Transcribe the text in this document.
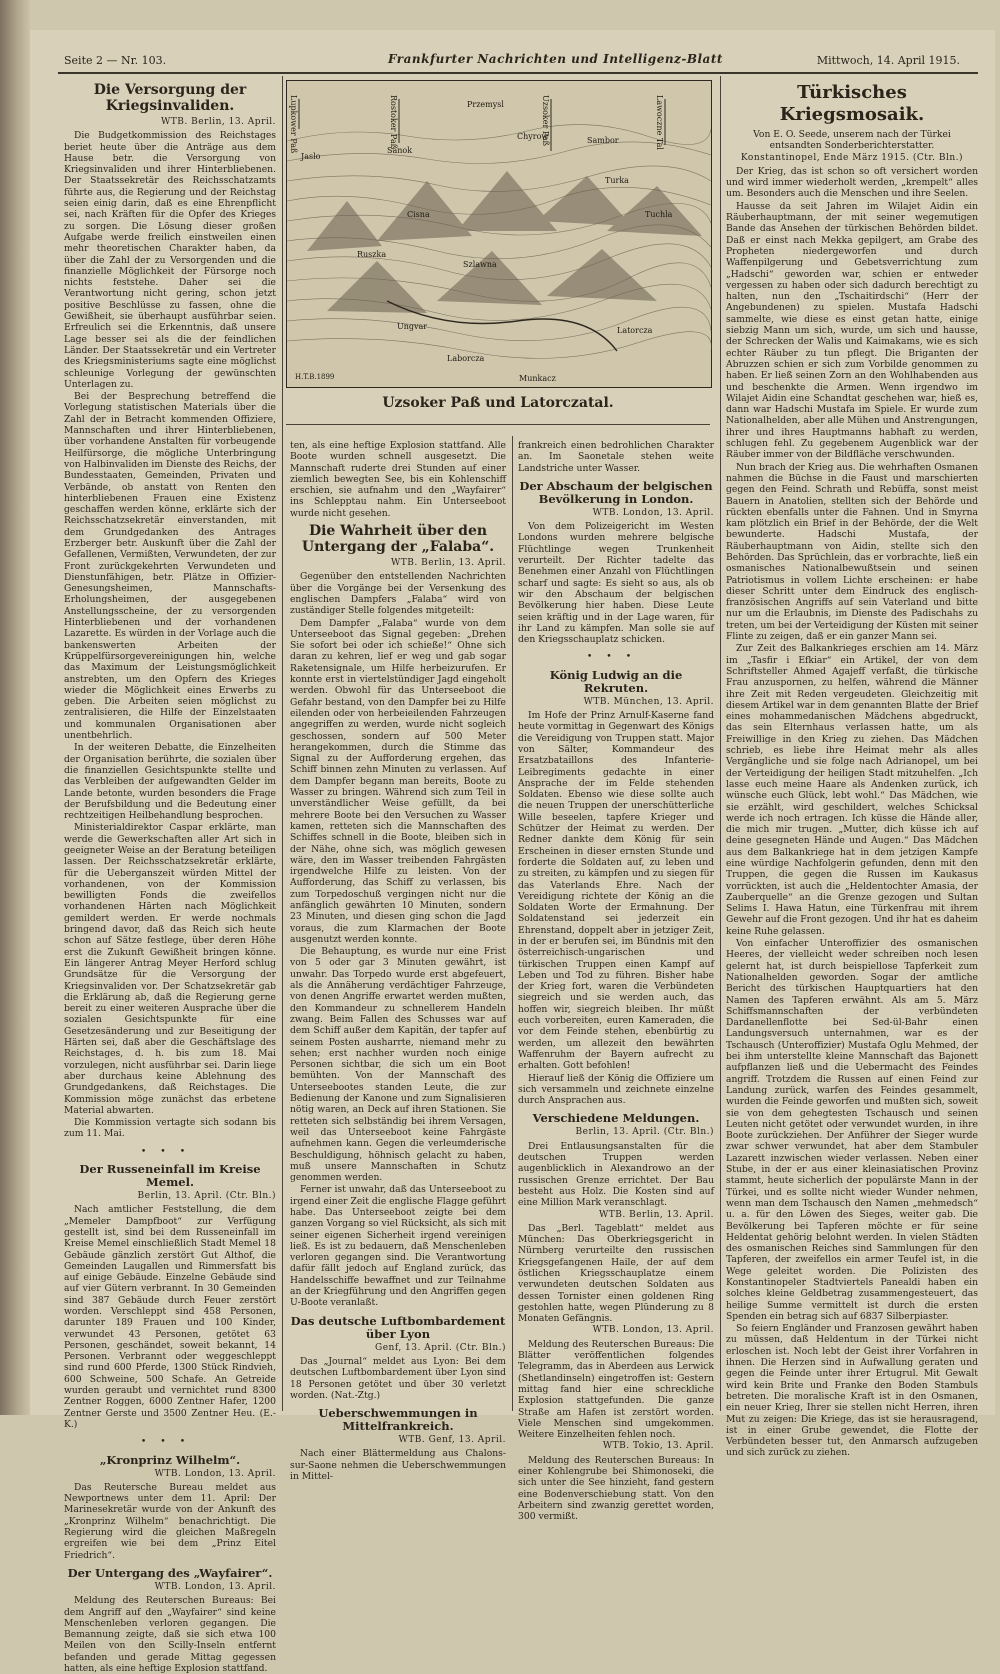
Seite 2 — Nr. 103.	Frankfurter Nachrichten und Intelligenz-Blatt	Mittwoch, 14. April 1915.
Die Versorgung der Kriegsinvaliden.
WTB. Berlin, 13. April.

Die Budgetkommission des Reichstages beriet heute über die Anträge aus dem Hause betr. die Versorgung von Kriegsinvaliden und ihrer Hinterbliebenen. Der Staatssekretär des Reichsschatzamts führte aus, die Regierung und der Reichstag seien einig darin, daß es eine Ehrenpflicht sei, nach Kräften für die Opfer des Krieges zu sorgen. Die Lösung dieser großen Aufgabe werde freilich einstweilen einen mehr theoretischen Charakter haben, da über die Zahl der zu Versorgenden und die finanzielle Möglichkeit der Fürsorge noch nichts feststehe. Daher sei die Verantwortung nicht gering, schon jetzt positive Beschlüsse zu fassen, ohne die Gewißheit, sie überhaupt ausführbar seien. Erfreulich sei die Erkenntnis, daß unsere Lage besser sei als die der feindlichen Länder. Der Staatssekretär und ein Vertreter des Kriegsministeriums sagte eine möglichst schleunige Vorlegung der gewünschten Unterlagen zu.

Bei der Besprechung betreffend die Vorlegung statistischen Materials über die Zahl der in Betracht kommenden Offiziere, Mannschaften und ihrer Hinterbliebenen, über vorhandene Anstalten für vorbeugende Heilfürsorge, die mögliche Unterbringung von Halbinvaliden im Dienste des Reichs, der Bundesstaaten, Gemeinden, Privaten und Verbände, ob anstatt von Renten den hinterbliebenen Frauen eine Existenz geschaffen werden könne, erklärte sich der Reichsschatzsekretär einverstanden, mit dem Grundgedanken des Antrages Erzberger betr. Auskunft über die Zahl der Gefallenen, Vermißten, Verwundeten, der zur Front zurückgekehrten Verwundeten und Dienstunfähigen, betr. Plätze in Offizier-Genesungsheimen, Mannschafts-Erholungsheimen, der ausgegebenen Anstellungsscheine, der zu versorgenden Hinterbliebenen und der vorhandenen Lazarette. Es würden in der Vorlage auch die bankenswerten Arbeiten der Krüppelfürsorgevereinigungen hin, welche das Maximum der Leistungsmöglichkeit anstrebten, um den Opfern des Krieges wieder die Möglichkeit eines Erwerbs zu geben. Die Arbeiten seien möglichst zu zentralisieren, die Hilfe der Einzelstaaten und kommunalen Organisationen aber unentbehrlich.

In der weiteren Debatte, die Einzelheiten der Organisation berührte, die sozialen über die finanziellen Gesichtspunkte stellte und das Verbleiben der aufgewandten Gelder im Lande betonte, wurden besonders die Frage der Berufsbildung und die Bedeutung einer rechtzeitigen Heilbehandlung besprochen.

Ministerialdirektor Caspar erklärte, man werde die Gewerkschaften aller Art sich in geeigneter Weise an der Beratung beteiligen lassen. Der Reichsschatzsekretär erklärte, für die Ueberganszeit würden Mittel der vorhandenen, von der Kommission bewilligten Fonds die zweifellos vorhandenen Härten nach Möglichkeit gemildert werden. Er werde nochmals bringend davor, daß das Reich sich heute schon auf Sätze festlege, über deren Höhe erst die Zukunft Gewißheit bringen könne. Ein längerer Antrag Meyer Herford schlug Grundsätze für die Versorgung der Kriegsinvaliden vor. Der Schatzsekretär gab die Erklärung ab, daß die Regierung gerne bereit zu einer weiteren Ausprache über die sozialen Gesichtspunkte für eine Gesetzesänderung und zur Beseitigung der Härten sei, daß aber die Geschäftslage des Reichstages, d. h. bis zum 18. Mai vorzulegen, nicht ausführbar sei. Darin liege aber durchaus keine Ablehnung des Grundgedankens, daß Reichstages. Die Kommission möge zunächst das erbetene Material abwarten.

Die Kommission vertagte sich sodann bis zum 11. Mai.

•••
Der Russeneinfall im Kreise Memel.
Berlin, 13. April. (Ctr. Bln.)

Nach amtlicher Feststellung, die dem „Memeler Dampfboot“ zur Verfügung gestellt ist, sind bei dem Russeneinfall im Kreise Memel einschließlich Stadt Memel 18 Gebäude gänzlich zerstört Gut Althof, die Gemeinden Laugallen und Rimmersfatt bis auf einige Gebäude. Einzelne Gebäude sind auf vier Gütern verbrannt. In 30 Gemeinden sind 387 Gebäude durch Feuer zerstört worden. Verschleppt sind 458 Personen, darunter 189 Frauen und 100 Kinder, verwundet 43 Personen, getötet 63 Personen, geschändet, soweit bekannt, 14 Personen. Verbrannt oder weggeschleppt sind rund 600 Pferde, 1300 Stück Rindvieh, 600 Schweine, 500 Schafe. An Getreide wurden geraubt und vernichtet rund 8300 Zentner Roggen, 6000 Zentner Hafer, 1200 Zentner Gerste und 3500 Zentner Heu. (E.-K.)

•••
„Kronprinz Wilhelm“.
WTB. London, 13. April.

Das Reutersche Bureau meldet aus Newportnews unter dem 11. April: Der Marinesekretär wurde von der Ankunft des „Kronprinz Wilhelm“ benachrichtigt. Die Regierung wird die gleichen Maßregeln ergreifen wie bei dem „Prinz Eitel Friedrich“.

Der Untergang des „Wayfairer“.
WTB. London, 13. April.

Meldung des Reuterschen Bureaus: Bei dem Angriff auf den „Wayfairer“ sind keine Menschenleben verloren gegangen. Die Bemannung zeigte, daß sie sich etwa 100 Meilen von den Scilly-Inseln entfernt befanden und gerade Mittag gegessen hatten, als eine heftige Explosion stattfand.

Lupkower Paß	Rostoker Paß	Przemysl	Uzsoker Paß	Lawoczne Tal
Sanok
Jaslo
Chyrow	Sambor
Turka
Tuchla
Cisna
Ruszka
Szlawna
Ungvar
Munkacz
Laborcza
Latorcza
H.T.B.1899
Uzsoker Paß und Latorczatal.

ten, als eine heftige Explosion stattfand. Alle Boote wurden schnell ausgesetzt. Die Mannschaft ruderte drei Stunden auf einer ziemlich bewegten See, bis ein Kohlenschiff erschien, sie aufnahm und den „Wayfairer“ ins Schlepptau nahm. Ein Unterseeboot wurde nicht gesehen.

Die Wahrheit über den Untergang der „Falaba“.
WTB. Berlin, 13. April.

Gegenüber den entstellenden Nachrichten über die Vorgänge bei der Versenkung des englischen Dampfers „Falaba“ wird von zuständiger Stelle folgendes mitgeteilt:

Dem Dampfer „Falaba“ wurde von dem Unterseeboot das Signal gegeben: „Drehen Sie sofort bei oder ich schieße!“ Ohne sich daran zu kehren, lief er weg und gab sogar Raketensignale, um Hilfe herbeizurufen. Er konnte erst in viertelstündiger Jagd eingeholt werden. Obwohl für das Unterseeboot die Gefahr bestand, von den Dampfer bei zu Hilfe eilenden oder von herbeieilenden Fahrzeugen angegriffen zu werden, wurde nicht sogleich geschossen, sondern auf 500 Meter herangekommen, durch die Stimme das Signal zu der Aufforderung ergehen, das Schiff binnen zehn Minuten zu verlassen. Auf dem Dampfer begann man bereits, Boote zu Wasser zu bringen. Während sich zum Teil in unverständlicher Weise gefüllt, da bei mehrere Boote bei den Versuchen zu Wasser kamen, retteten sich die Mannschaften des Schiffes schnell in die Boote, bleiben sich in der Nähe, ohne sich, was möglich gewesen wäre, den im Wasser treibenden Fahrgästen irgendwelche Hilfe zu leisten. Von der Aufforderung, das Schiff zu verlassen, bis zum Torpedoschuß vergingen nicht nur die anfänglich gewährten 10 Minuten, sondern 23 Minuten, und diesen ging schon die Jagd voraus, die zum Klarmachen der Boote ausgenutzt werden konnte.

Die Behauptung, es wurde nur eine Frist von 5 oder gar 3 Minuten gewährt, ist unwahr. Das Torpedo wurde erst abgefeuert, als die Annäherung verdächtiger Fahrzeuge, von denen Angriffe erwartet werden mußten, den Kommandeur zu schnellerem Handeln zwang. Beim Fallen des Schusses war auf dem Schiff außer dem Kapitän, der tapfer auf seinem Posten ausharrte, niemand mehr zu sehen; erst nachher wurden noch einige Personen sichtbar, die sich um ein Boot bemühten. Von der Mannschaft des Unterseebootes standen Leute, die zur Bedienung der Kanone und zum Signalisieren nötig waren, an Deck auf ihren Stationen. Sie retteten sich selbständig bei ihrem Versagen, weil das Unterseeboot keine Fahrgäste aufnehmen kann. Gegen die verleumderische Beschuldigung, höhnisch gelacht zu haben, muß unsere Mannschaften in Schutz genommen werden.

Ferner ist unwahr, daß das Unterseeboot zu irgend einer Zeit die englische Flagge geführt habe. Das Unterseeboot zeigte bei dem ganzen Vorgang so viel Rücksicht, als sich mit seiner eigenen Sicherheit irgend vereinigen ließ. Es ist zu bedauern, daß Menschenleben verloren gegangen sind. Die Verantwortung dafür fällt jedoch auf England zurück, das Handelsschiffe bewaffnet und zur Teilnahme an der Kriegführung und den Angriffen gegen U-Boote veranlaßt.

Das deutsche Luftbombardement über Lyon
Genf, 13. April. (Ctr. Bln.)

Das „Journal“ meldet aus Lyon: Bei dem deutschen Luftbombardement über Lyon sind 18 Personen getötet und über 30 verletzt worden. (Nat.-Ztg.)

Ueberschwemmungen in Mittelfrankreich.
WTB. Genf, 13. April.

Nach einer Blättermeldung aus Chalons-sur-Saone nehmen die Ueberschwemmungen in Mittel-

frankreich einen bedrohlichen Charakter an. Im Saonetale stehen weite Landstriche unter Wasser.

Der Abschaum der belgischen Bevölkerung in London.
WTB. London, 13. April.

Von dem Polizeigericht im Westen Londons wurden mehrere belgische Flüchtlinge wegen Trunkenheit verurteilt. Der Richter tadelte das Benehmen einer Anzahl von Flüchtlingen scharf und sagte: Es sieht so aus, als ob wir den Abschaum der belgischen Bevölkerung hier haben. Diese Leute seien kräftig und in der Lage waren, für ihr Land zu kämpfen. Man solle sie auf den Kriegsschauplatz schicken.

•••
König Ludwig an die Rekruten.
WTB. München, 13. April.

Im Hofe der Prinz Arnulf-Kaserne fand heute vormittag in Gegenwart des Königs die Vereidigung von Truppen statt. Major von Sälter, Kommandeur des Ersatzbataillons des Infanterie-Leibregiments gedachte in einer Ansprache der im Felde stehenden Soldaten. Ebenso wie diese sollte auch die neuen Truppen der unerschütterliche Wille beseelen, tapfere Krieger und Schützer der Heimat zu werden. Der Redner dankte dem König für sein Erscheinen in dieser ernsten Stunde und forderte die Soldaten auf, zu leben und zu streiten, zu kämpfen und zu siegen für das Vaterlands Ehre. Nach der Vereidigung richtete der König an die Soldaten Worte der Ermahnung. Der Soldatenstand sei jederzeit ein Ehrenstand, doppelt aber in jetziger Zeit, in der er berufen sei, im Bündnis mit den österreichisch-ungarischen und türkischen Truppen einen Kampf auf Leben und Tod zu führen. Bisher habe der Krieg fort, waren die Verbündeten siegreich und sie werden auch, das hoffen wir, siegreich bleiben. Ihr müßt euch vorbereiten, euren Kameraden, die vor dem Feinde stehen, ebenbürtig zu werden, um allezeit den bewährten Waffenruhm der Bayern aufrecht zu erhalten. Gott befohlen!

Hierauf ließ der König die Offiziere um sich versammeln und zeichnete einzelne durch Ansprachen aus.

Verschiedene Meldungen.
Berlin, 13. April. (Ctr. Bln.)

Drei Entlausungsanstalten für die deutschen Truppen werden augenblicklich in Alexandrowo an der russischen Grenze errichtet. Der Bau besteht aus Holz. Die Kosten sind auf eine Million Mark veranschlagt.

WTB. Berlin, 13. April.

Das „Berl. Tageblatt“ meldet aus München: Das Oberkriegsgericht in Nürnberg verurteilte den russischen Kriegsgefangenen Haile, der auf dem östlichen Kriegsschauplatze einem verwundeten deutschen Soldaten aus dessen Tornister einen goldenen Ring gestohlen hatte, wegen Plünderung zu 8 Monaten Gefängnis.

WTB. London, 13. April.

Meldung des Reuterschen Bureaus: Die Blätter veröffentlichen folgendes Telegramm, das in Aberdeen aus Lerwick (Shetlandinseln) eingetroffen ist: Gestern mittag fand hier eine schreckliche Explosion stattgefunden. Die ganze Straße am Hafen ist zerstört worden. Viele Menschen sind umgekommen. Weitere Einzelheiten fehlen noch.

WTB. Tokio, 13. April.

Meldung des Reuterschen Bureaus: In einer Kohlengrube bei Shimonoseki, die sich unter die See hinzieht, fand gestern eine Bodenverschiebung statt. Von den Arbeitern sind zwanzig gerettet worden, 300 vermißt.

Türkisches Kriegsmosaik.

Von E. O. Seede, unserem nach der Türkei entsandten Sonderberichterstatter.

Konstantinopel, Ende März 1915. (Ctr. Bln.)

Der Krieg, das ist schon so oft versichert worden und wird immer wiederholt werden, „krempelt“ alles um. Besonders auch die Menschen und ihre Seelen.

Hausse da seit Jahren im Wilajet Aidin ein Räuberhauptmann, der mit seiner wegemutigen Bande das Ansehen der türkischen Behörden bildet. Daß er einst nach Mekka gepilgert, am Grabe des Propheten niedergeworfen und durch Waffenpilgerung und Gebetsverrichtung zum „Hadschi“ geworden war, schien er entweder vergessen zu haben oder sich dadurch berechtigt zu halten, nun den „Tschaitirdschi“ (Herr der Angebundenen) zu spielen. Mustafa Hadschi sammelte, wie diese es einst getan hatte, einige siebzig Mann um sich, wurde, um sich und hausse, der Schrecken der Walis und Kaimakams, wie es sich echter Räuber zu tun pflegt. Die Briganten der Abruzzen schien er sich zum Vorbilde genommen zu haben. Er ließ seinen Zorn an den Wohlhabenden aus und beschenkte die Armen. Wenn irgendwo im Wilajet Aidin eine Schandtat geschehen war, hieß es, dann war Hadschi Mustafa im Spiele. Er wurde zum Nationalhelden, aber alle Mühen und Anstrengungen, ihrer und ihres Hauptmanns habhaft zu werden, schlugen fehl. Zu gegebenem Augenblick war der Räuber immer von der Bildfläche verschwunden.

Nun brach der Krieg aus. Die wehrhaften Osmanen nahmen die Büchse in die Faust und marschierten gegen den Feind. Schrath und Rebüffa, sonst meist Bauern in Anatolien, stellten sich der Behörde und rückten ebenfalls unter die Fahnen. Und in Smyrna kam plötzlich ein Brief in der Behörde, der die Welt bewunderte. Hadschi Mustafa, der Räuberhauptmann von Aidin, stellte sich den Behörden. Das Sprüchlein, das er vorbrachte, ließ ein osmanisches Nationalbewußtsein und seinen Patriotismus in vollem Lichte erscheinen: er habe dieser Schritt unter dem Eindruck des englisch-französischen Angriffs auf sein Vaterland und bitte nur um die Erlaubnis, im Dienste des Padischahs zu treten, um bei der Verteidigung der Küsten mit seiner Flinte zu zeigen, daß er ein ganzer Mann sei.

Zur Zeit des Balkankrieges erschien am 14. März im „Tasfir i Efkiar“ ein Artikel, der von dem Schriftsteller Ahmed Agajeff verfaßt, die türkische Frau anzuspornen, zu helfen, während die Männer ihre Zeit mit Reden vergeudeten. Gleichzeitig mit diesem Artikel war in dem genannten Blatte der Brief eines mohammedanischen Mädchens abgedruckt, das sein Elternhaus verlassen hatte, um als Freiwillige in den Krieg zu ziehen. Das Mädchen schrieb, es liebe ihre Heimat mehr als alles Vergängliche und sie folge nach Adrianopel, um bei der Verteidigung der heiligen Stadt mitzuhelfen. „Ich lasse euch meine Haare als Andenken zurück, ich wünsche euch Glück, lebt wohl.“ Das Mädchen, wie sie erzählt, wird geschildert, welches Schicksal werde ich noch ertragen. Ich küsse die Hände aller, die mich mir trugen. „Mutter, dich küsse ich auf deine gesegneten Hände und Augen.“ Das Mädchen aus dem Balkankriege hat in dem jetzigen Kampfe eine würdige Nachfolgerin gefunden, denn mit den Truppen, die gegen die Russen im Kaukasus vorrückten, ist auch die „Heldentochter Amasia, der Zauberquelle“ an die Grenze gezogen und Sultan Selims I. Hawa Hatun, eine Türkenfrau mit ihrem Gewehr auf die Front gezogen. Und ihr hat es daheim keine Ruhe gelassen.

Von einfacher Unteroffizier des osmanischen Heeres, der vielleicht weder schreiben noch lesen gelernt hat, ist durch beispiellose Tapferkeit zum Nationalhelden geworden. Sogar der amtliche Bericht des türkischen Hauptquartiers hat den Namen des Tapferen erwähnt. Als am 5. März Schiffsmannschaften der verbündeten Dardanellenflotte bei Sed-ül-Bahr einen Landungsversuch unternahmen, war es der Tschausch (Unteroffizier) Mustafa Oglu Mehmed, der bei ihm unterstellte kleine Mannschaft das Bajonett aufpflanzen ließ und die Uebermacht des Feindes angriff. Trotzdem die Russen auf einen Feind zur Landung zurück, warfen des Feindes gesammelt, wurden die Feinde geworfen und mußten sich, soweit sie von dem gehegtesten Tschausch und seinen Leuten nicht getötet oder verwundet wurden, in ihre Boote zurückziehen. Der Anführer der Sieger wurde zwar schwer verwundet, hat aber dem Stambuler Lazarett inzwischen wieder verlassen. Neben einer Stube, in der er aus einer kleinasiatischen Provinz stammt, heute sicherlich der populärste Mann in der Türkei, und es sollte nicht wieder Wunder nehmen, wenn man dem Tschausch den Namen „mehmedsch“ u. a. für den Löwen des Sieges, weiter gab. Die Bevölkerung bei Tapferen möchte er für seine Heldentat gehörig belohnt werden. In vielen Städten des osmanischen Reiches sind Sammlungen für den Tapferen, der zweifellos ein armer Teufel ist, in die Wege geleitet worden. Die Polizisten des Konstantinopeler Stadtviertels Panealdi haben ein solches kleine Geldbetrag zusammengesteuert, das heilige Summe vermittelt ist durch die ersten Spenden ein betrag sich auf 6837 Silberpiaster.

So feiern Engländer und Franzosen gewährt haben zu müssen, daß Heldentum in der Türkei nicht erloschen ist. Noch lebt der Geist ihrer Vorfahren in ihnen. Die Herzen sind in Aufwallung geraten und gegen die Feinde unter ihrer Ertugrul. Mit Gewalt wird kein Brite und Franke den Boden Stambuls betreten. Die moralische Kraft ist in den Osmanen, ein neuer Krieg, Ihrer sie stellen nicht Herren, ihren Mut zu zeigen: Die Kriege, das ist sie herausragend, ist in einer Grube gewendet, die Flotte der Verbündeten besser tut, den Anmarsch aufzugeben und sich zurück zu ziehen.
